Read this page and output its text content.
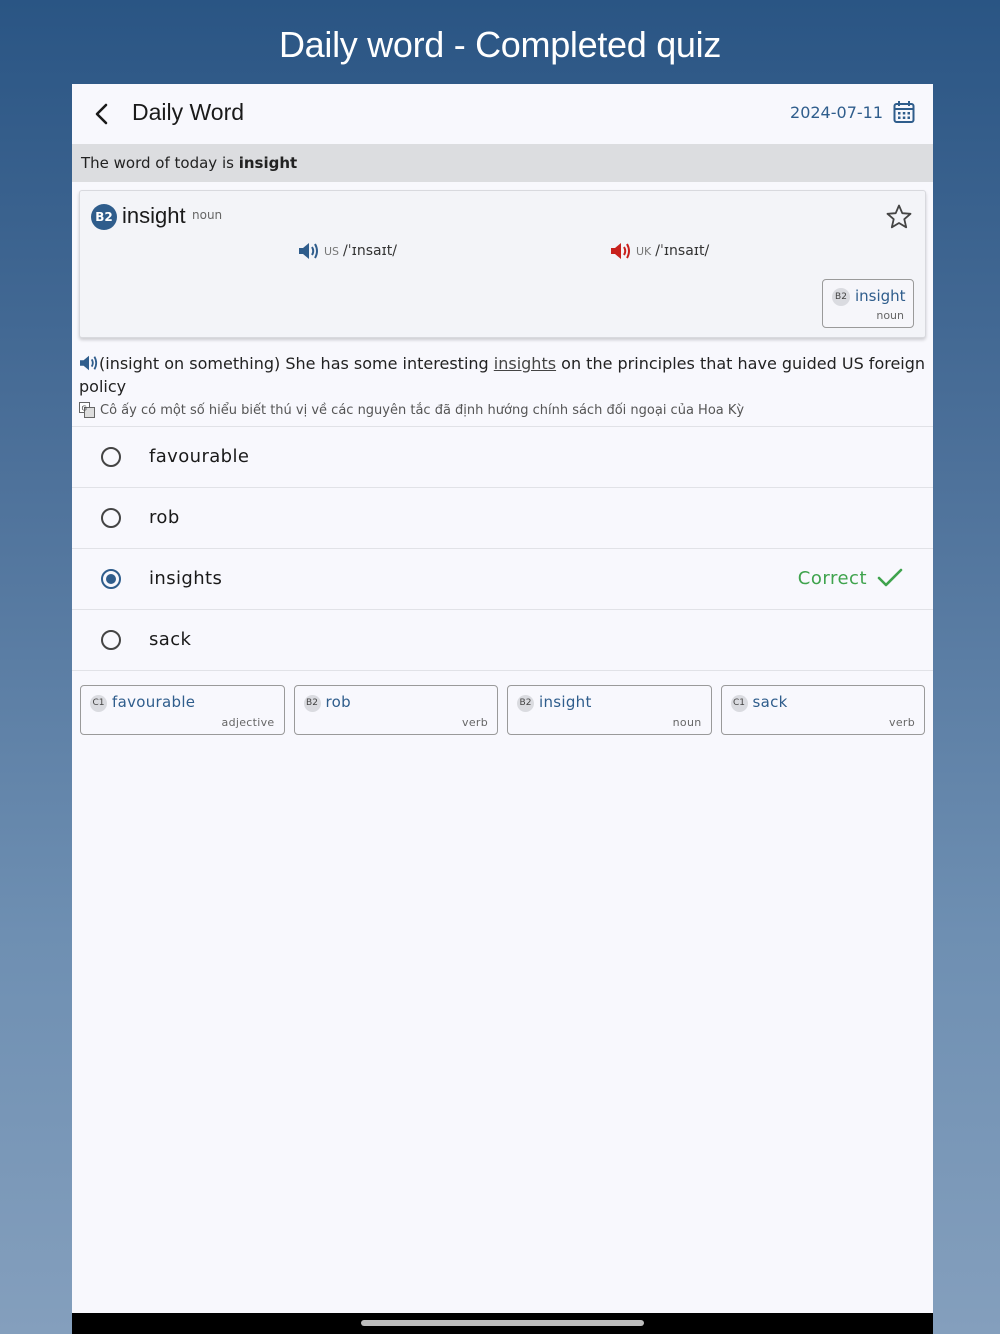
Daily word - Completed quiz
Daily Word	2024-07-11
The word of today is insight
B2 insight noun
US /ˈɪnsaɪt/	UK /ˈɪnsaɪt/
B2 insight
noun
(insight on something) She has some interesting insights on the principles that have guided US foreign policy
G Cô ấy có một số hiểu biết thú vị về các nguyên tắc đã định hướng chính sách đối ngoại của Hoa Kỳ
favourable
rob
insights	Correct
sack
C1 favourable
adjective
B2 rob
verb
B2 insight
noun
C1 sack
verb
